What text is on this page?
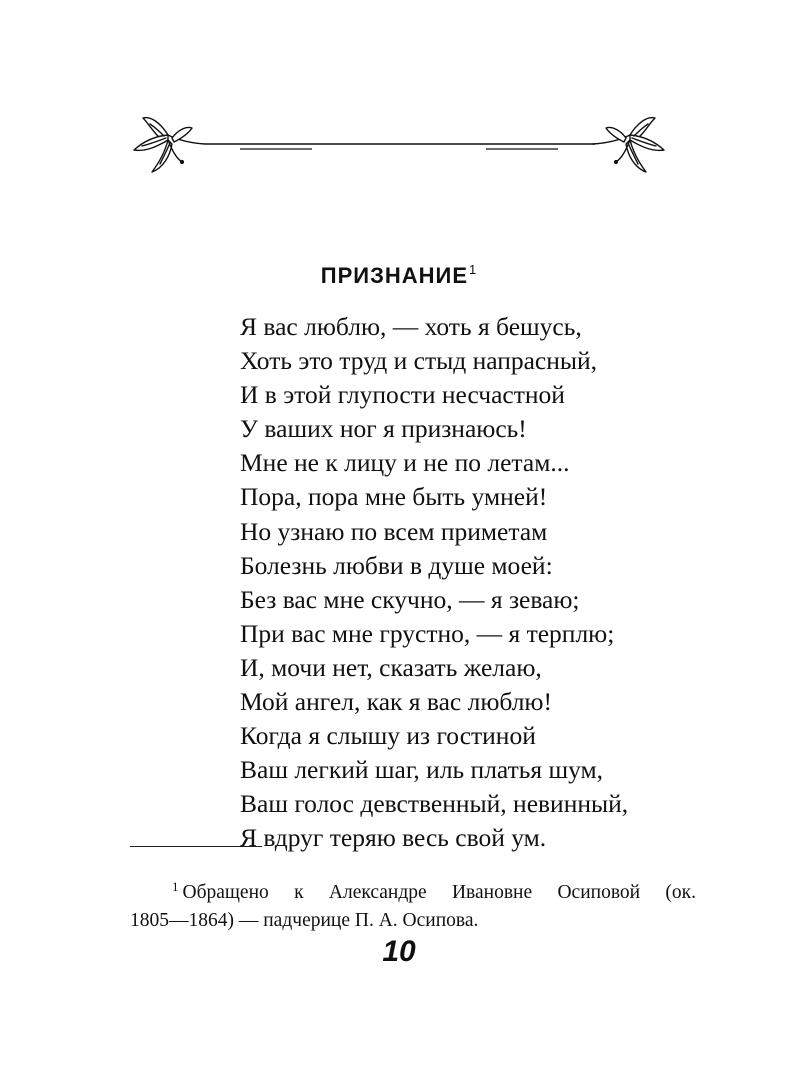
ПРИЗНАНИЕ$^1$
Я вас люблю, — хоть я бешусь,
Хоть это труд и стыд напрасный,
И в этой глупости несчастной
У ваших ног я признаюсь!
Мне не к лицу и не по летам...
Пора, пора мне быть умней!
Но узнаю по всем приметам
Болезнь любви в душе моей:
Без вас мне скучно, — я зеваю;
При вас мне грустно, — я терплю;
И, мочи нет, сказать желаю,
Мой ангел, как я вас люблю!
Когда я слышу из гостиной
Ваш легкий шаг, иль платья шум,
Ваш голос девственный, невинный,
Я вдруг теряю весь свой ум.

$^1$ Обращено к Александре Ивановне Осиповой (ок.
1805—1864) — падчерице П. А. Осипова.

10
